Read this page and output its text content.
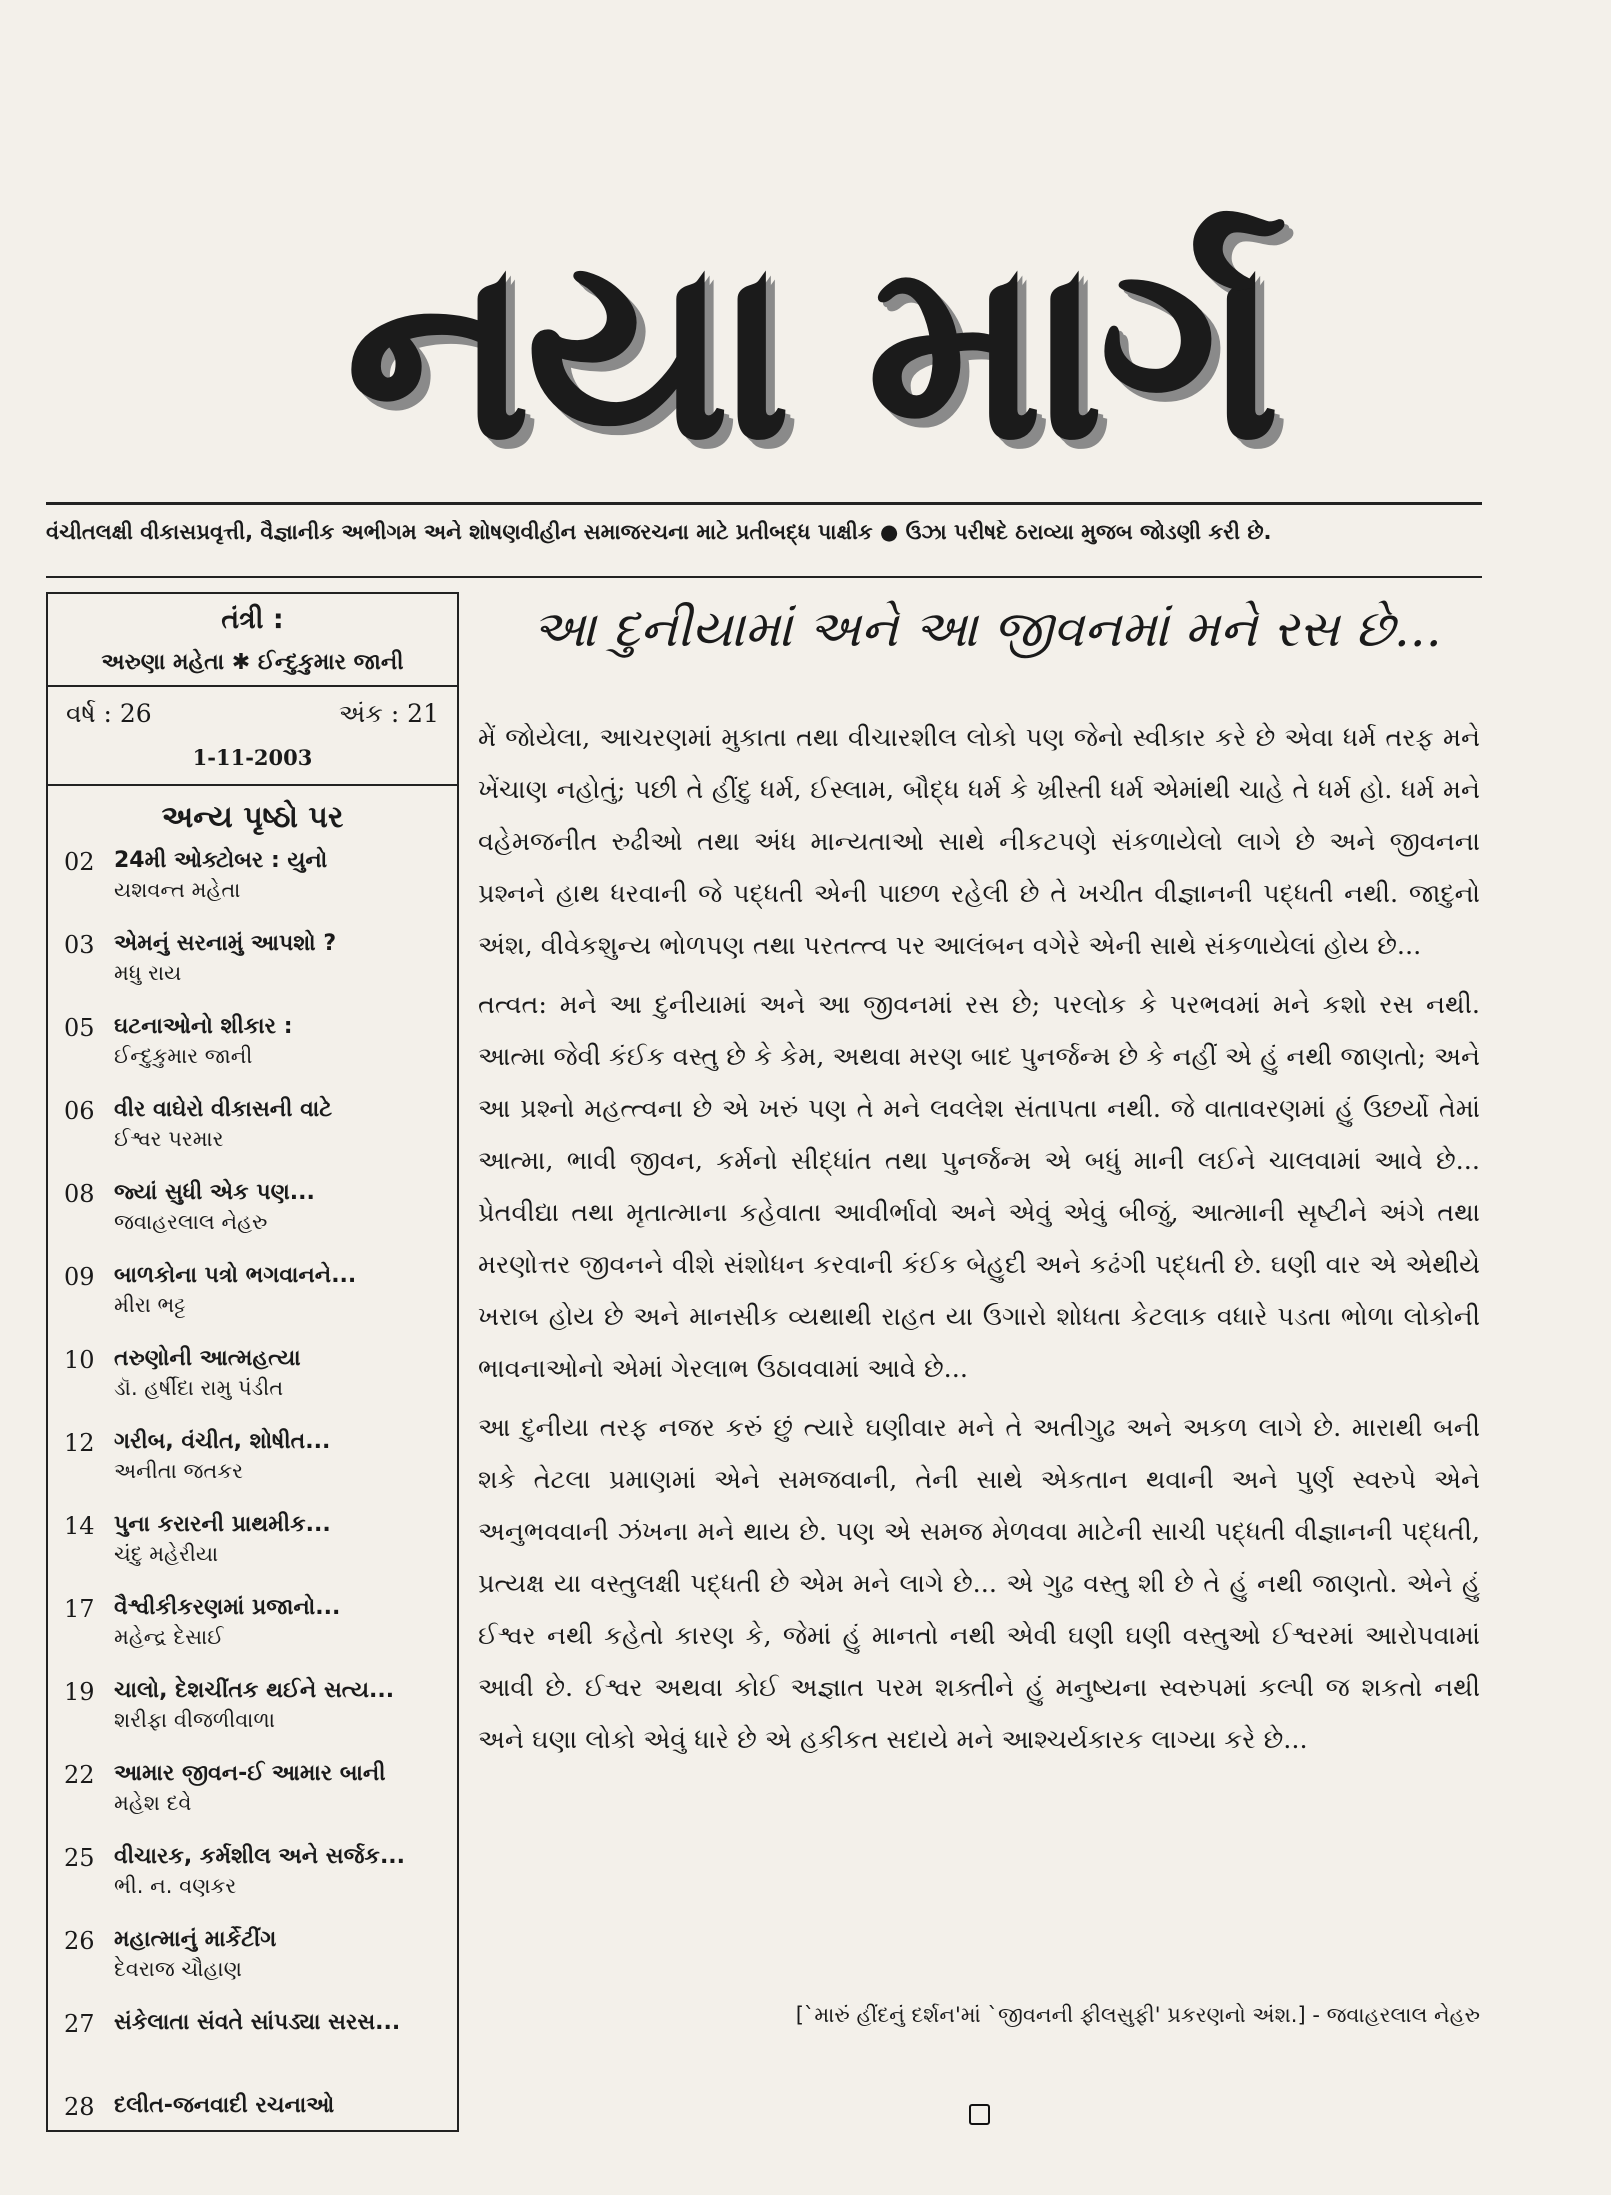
નયા માર્ગ
વંચીતલક્ષી વીકાસપ્રવૃત્તી, વૈજ્ઞાનીક અભીગમ અને શોષણવીહીન સમાજરચના માટે પ્રતીબદ્ધ પાક્ષીક ● ઉંઝા પરીષદે ઠરાવ્યા મુજબ જોડણી કરી છે.
તંત્રી :
અરુણા મહેતા ✱ ઈન્દુકુમાર જાની
વર્ષ : 26	અંક : 21
1-11-2003
અન્ય પૃષ્ઠો પર
02 24મી ઓક્ટોબર : યુનો
યશવન્ત મહેતા
03 એમનું સરનામું આપશો ?
મધુ રાય
05 ઘટનાઓનો શીકાર :
ઈન્દુકુમાર જાની
06 વીર વાઘેરો વીકાસની વાટે
ઈશ્વર પરમાર
08 જ્યાં સુધી એક પણ...
જવાહરલાલ નેહરુ
09 બાળકોના પત્રો ભગવાનને...
મીરા ભટ્ટ
10 તરુણોની આત્મહત્યા
ડૉ. હર્ષીદા રામુ પંડીત
12 ગરીબ, વંચીત, શોષીત...
અનીતા જતકર
14 પુના કરારની પ્રાથમીક...
ચંદુ મહેરીયા
17 વૈશ્વીકીકરણમાં પ્રજાનો...
મહેન્દ્ર દેસાઈ
19 ચાલો, દેશચીંતક થઈને સત્ય...
શરીફા વીજળીવાળા
22 આમાર જીવન-ઈ આમાર બાની
મહેશ દવે
25 વીચારક, કર્મશીલ અને સર્જક...
ભી. ન. વણકર
26 મહાત્માનું માર્કેટીંગ
દેવરાજ ચૌહાણ
27 સંકેલાતા સંવતે સાંપડ્યા સરસ...
28 દલીત-જનવાદી રચનાઓ
આ દુનીયામાં અને આ જીવનમાં મને રસ છે...

મેં જોયેલા, આચરણમાં મુકાતા તથા વીચારશીલ લોકો પણ જેનો સ્વીકાર કરે છે એવા ધર્મ તરફ મને ખેંચાણ નહોતું; પછી તે હીંદુ ધર્મ, ઈસ્લામ, બૌદ્ધ ધર્મ કે ખ્રીસ્તી ધર્મ એમાંથી ચાહે તે ધર્મ હો. ધર્મ મને વહેમજનીત રુઢીઓ તથા અંધ માન્યતાઓ સાથે નીકટપણે સંકળાયેલો લાગે છે અને જીવનના પ્રશ્નને હાથ ધરવાની જે પદ્ધતી એની પાછળ રહેલી છે તે ખચીત વીજ્ઞાનની પદ્ધતી નથી. જાદુનો અંશ, વીવેકશુન્ય ભોળપણ તથા પરતત્ત્વ પર આલંબન વગેરે એની સાથે સંકળાયેલાં હોય છે...

તત્વત: મને આ દુનીયામાં અને આ જીવનમાં રસ છે; પરલોક કે પરભવમાં મને કશો રસ નથી. આત્મા જેવી કંઈક વસ્તુ છે કે કેમ, અથવા મરણ બાદ પુનર્જન્મ છે કે નહીં એ હું નથી જાણતો; અને આ પ્રશ્નો મહત્ત્વના છે એ ખરું પણ તે મને લવલેશ સંતાપતા નથી. જે વાતાવરણમાં હું ઉછર્યો તેમાં આત્મા, ભાવી જીવન, કર્મનો સીદ્ધાંત તથા પુનર્જન્મ એ બધું માની લઈને ચાલવામાં આવે છે... પ્રેતવીદ્યા તથા મૃતાત્માના કહેવાતા આવીર્ભાવો અને એવું એવું બીજું, આત્માની સૃષ્ટીને અંગે તથા મરણોત્તર જીવનને વીશે સંશોધન કરવાની કંઈક બેહુદી અને કઢંગી પદ્ધતી છે. ઘણી વાર એ એથીયે ખરાબ હોય છે અને માનસીક વ્યથાથી રાહત યા ઉગારો શોધતા કેટલાક વધારે પડતા ભોળા લોકોની ભાવનાઓનો એમાં ગેરલાભ ઉઠાવવામાં આવે છે...

આ દુનીયા તરફ નજર કરું છું ત્યારે ઘણીવાર મને તે અતીગુઢ અને અકળ લાગે છે. મારાથી બની શકે તેટલા પ્રમાણમાં એને સમજવાની, તેની સાથે એકતાન થવાની અને પુર્ણ સ્વરુપે એને અનુભવવાની ઝંખના મને થાય છે. પણ એ સમજ મેળવવા માટેની સાચી પદ્ધતી વીજ્ઞાનની પદ્ધતી, પ્રત્યક્ષ યા વસ્તુલક્ષી પદ્ધતી છે એમ મને લાગે છે... એ ગુઢ વસ્તુ શી છે તે હું નથી જાણતો. એને હું ઈશ્વર નથી કહેતો કારણ કે, જેમાં હું માનતો નથી એવી ઘણી ઘણી વસ્તુઓ ઈશ્વરમાં આરોપવામાં આવી છે. ઈશ્વર અથવા કોઈ અજ્ઞાત પરમ શક્તીને હું મનુષ્યના સ્વરુપમાં કલ્પી જ શકતો નથી અને ઘણા લોકો એવું ધારે છે એ હકીકત સદાયે મને આશ્ચર્યકારક લાગ્યા કરે છે...

[`મારું હીંદનું દર્શન'માં `જીવનની ફીલસુફી' પ્રકરણનો અંશ.] - જવાહરલાલ નેહરુ
